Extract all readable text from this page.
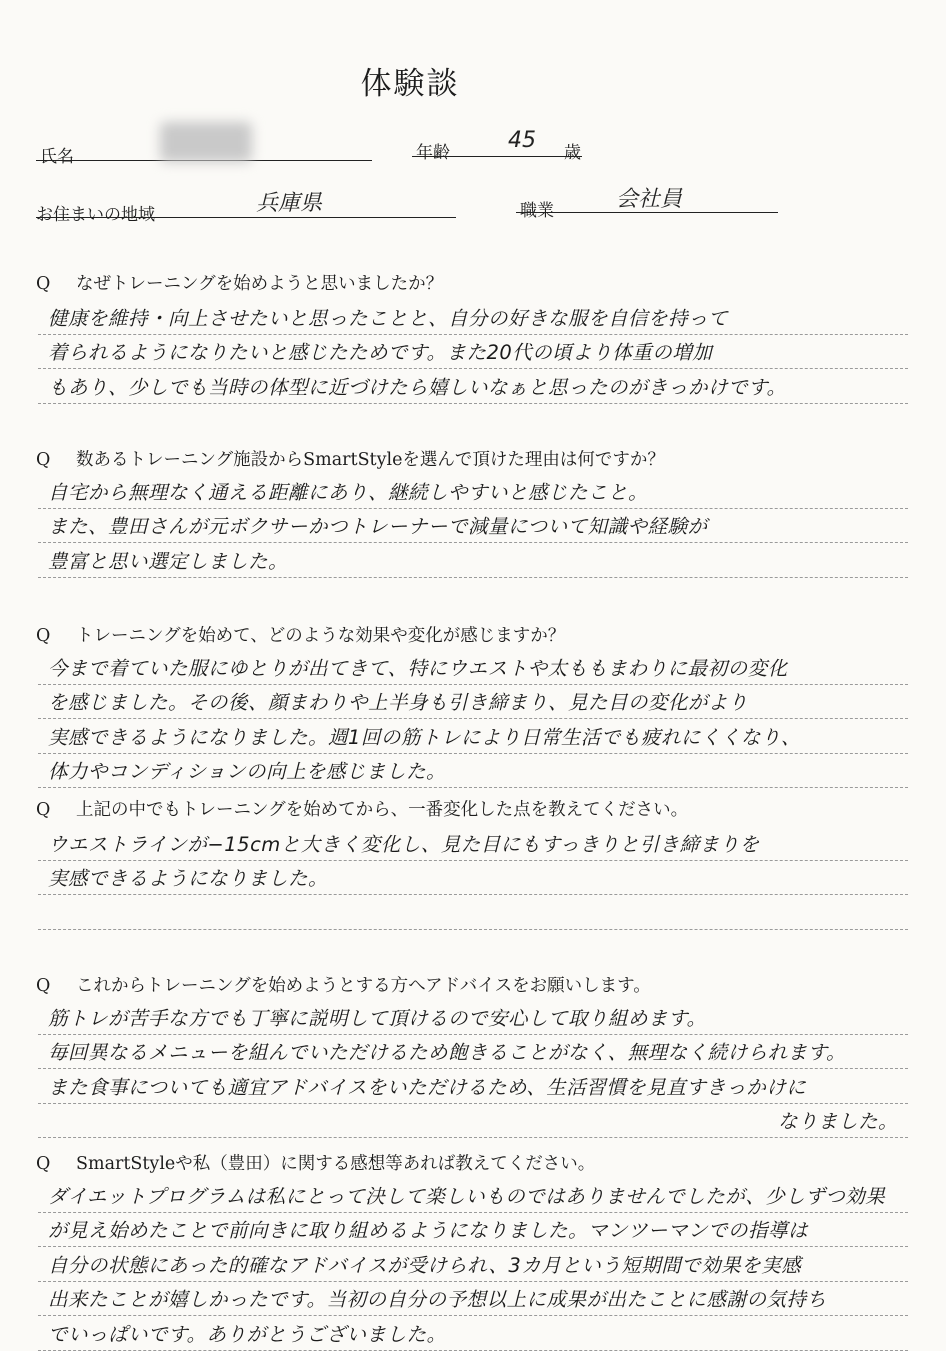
体験談
氏名	年齢	45 歳
お住まいの地域	兵庫県	職業	会社員
Q なぜトレーニングを始めようと思いましたか？
健康を維持・向上させたいと思ったことと、自分の好きな服を自信を持って
着られるようになりたいと感じたためです。また20代の頃より体重の増加
もあり、少しでも当時の体型に近づけたら嬉しいなぁと思ったのがきっかけです。
Q 数あるトレーニング施設からSmartStyleを選んで頂けた理由は何ですか？
自宅から無理なく通える距離にあり、継続しやすいと感じたこと。
また、豊田さんが元ボクサーかつトレーナーで減量について知識や経験が
豊富と思い選定しました。
Q トレーニングを始めて、どのような効果や変化が感じますか？
今まで着ていた服にゆとりが出てきて、特にウエストや太ももまわりに最初の変化
を感じました。その後、顔まわりや上半身も引き締まり、見た目の変化がより
実感できるようになりました。週1回の筋トレにより日常生活でも疲れにくくなり、
体力やコンディションの向上を感じました。
Q 上記の中でもトレーニングを始めてから、一番変化した点を教えてください。
ウエストラインが−15cmと大きく変化し、見た目にもすっきりと引き締まりを
実感できるようになりました。
Q これからトレーニングを始めようとする方へアドバイスをお願いします。
筋トレが苦手な方でも丁寧に説明して頂けるので安心して取り組めます。
毎回異なるメニューを組んでいただけるため飽きることがなく、無理なく続けられます。
また食事についても適宜アドバイスをいただけるため、生活習慣を見直すきっかけに
なりました。
Q SmartStyleや私（豊田）に関する感想等あれば教えてください。
ダイエットプログラムは私にとって決して楽しいものではありませんでしたが、少しずつ効果
が見え始めたことで前向きに取り組めるようになりました。マンツーマンでの指導は
自分の状態にあった的確なアドバイスが受けられ、3カ月という短期間で効果を実感
出来たことが嬉しかったです。当初の自分の予想以上に成果が出たことに感謝の気持ち
でいっぱいです。ありがとうございました。
